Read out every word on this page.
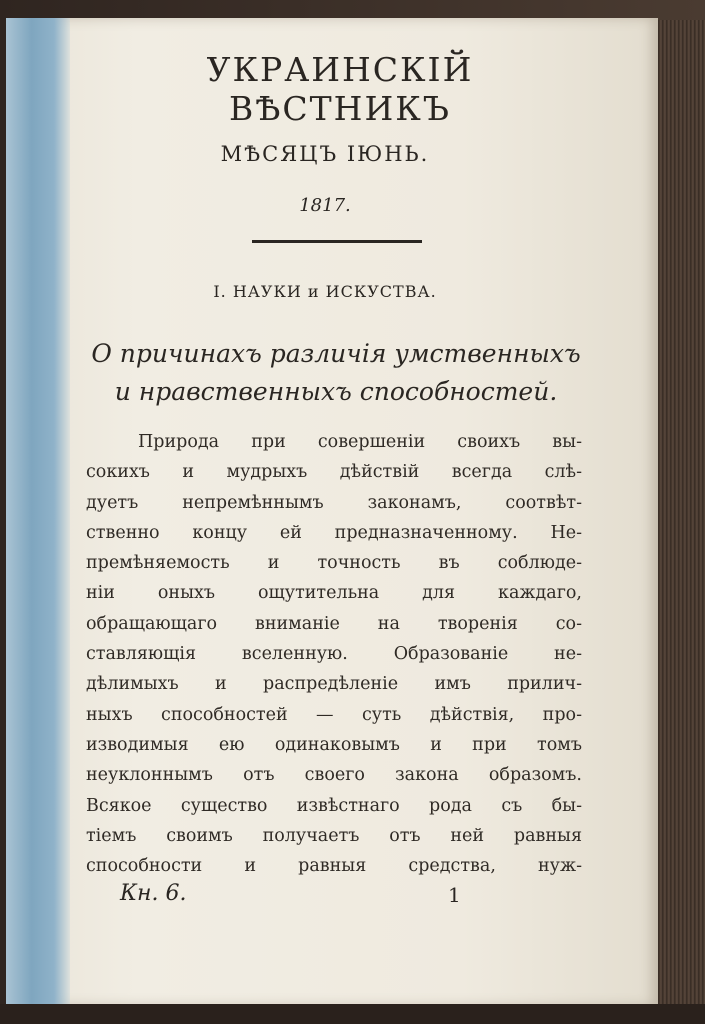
УКРАИНСКІЙ ВѢСТНИКЪ
МѢСЯЦЪ ІЮНЬ.
1817.
I. НАУКИ и ИСКУСТВА.
О причинахъ различія умственныхъ
и нравственныхъ способностей.
Природа при совершеніи своихъ вы-
сокихъ и мудрыхъ дѣйствій всегда слѣ-
дуетъ непремѣннымъ законамъ, соотвѣт-
ственно концу ей предназначенному. Не-
премѣняемость и точность въ соблюде-
ніи оныхъ ощутительна для каждаго,
обращающаго вниманіе на творенія со-
ставляющія вселенную. Образованіе не-
дѣлимыхъ и распредѣленіе имъ прилич-
ныхъ способностей — суть дѣйствія, про-
изводимыя ею одинаковымъ и при томъ
неуклоннымъ отъ своего закона образомъ.
Всякое существо извѣстнаго рода съ бы-
тіемъ своимъ получаетъ отъ ней равныя
способности и равныя средства, нуж-
Кн. 6.	1
